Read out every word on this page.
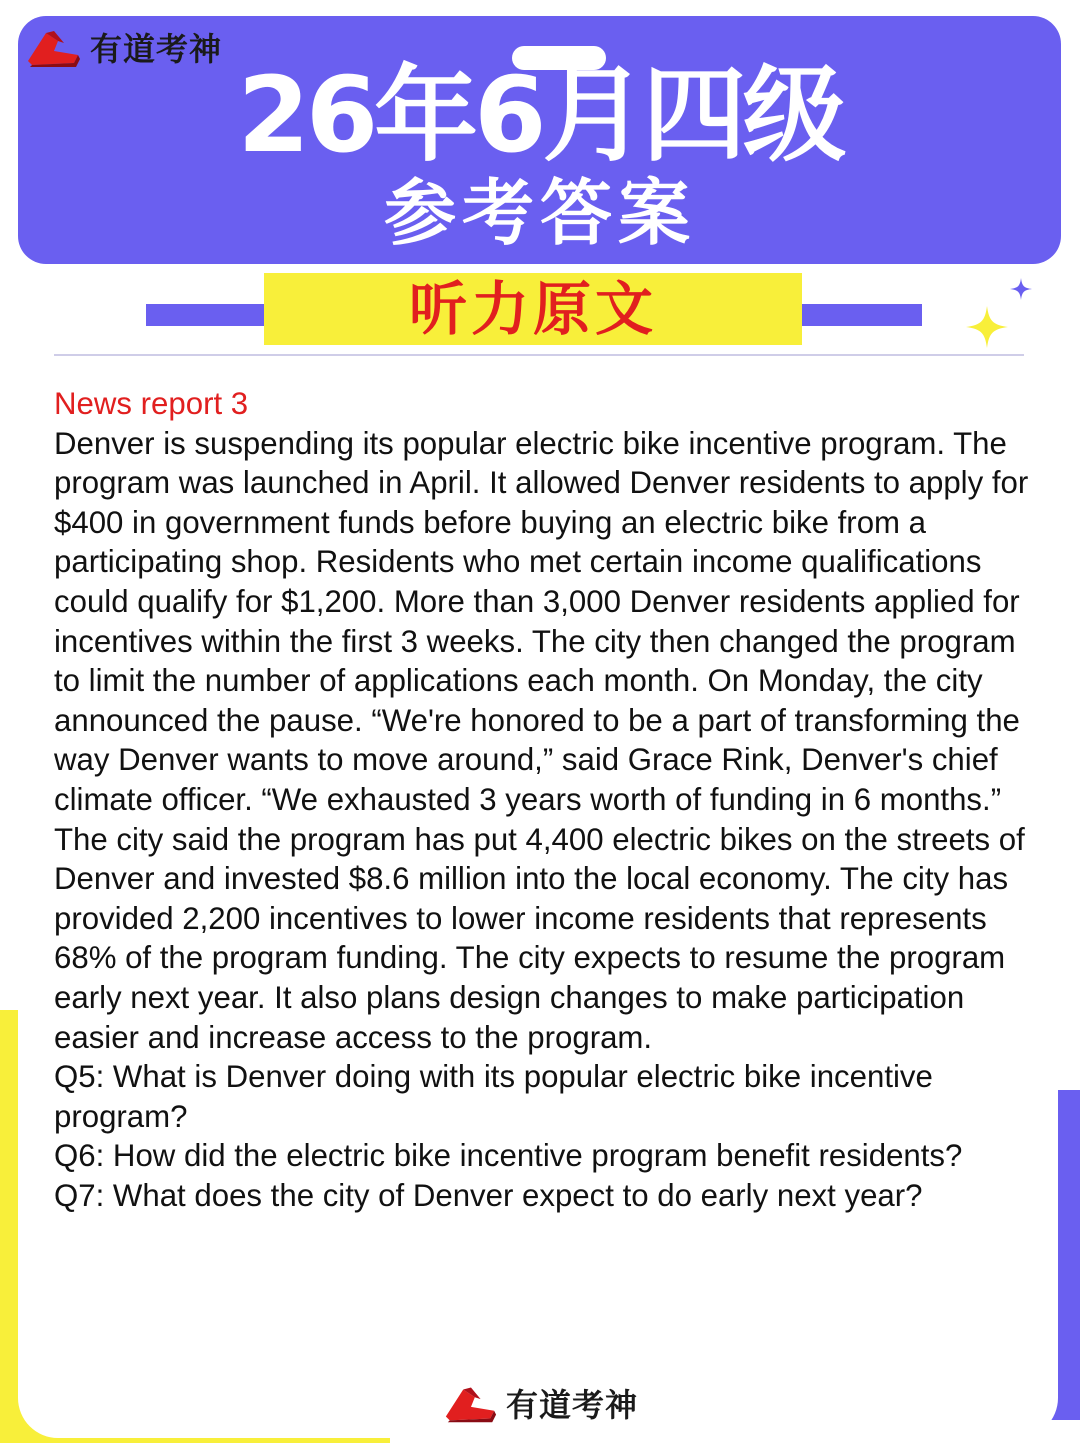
有道考神
26年6月四级
参考答案
听力原文

News report 3

Denver is suspending its popular electric bike incentive program. The program was launched in April. It allowed Denver residents to apply for $400 in government funds before buying an electric bike from a participating shop. Residents who met certain income qualifications could qualify for $1,200. More than 3,000 Denver residents applied for incentives within the first 3 weeks. The city then changed the program to limit the number of applications each month. On Monday, the city announced the pause. “We're honored to be a part of transforming the way Denver wants to move around,” said Grace Rink, Denver's chief climate officer. “We exhausted 3 years worth of funding in 6 months.” The city said the program has put 4,400 electric bikes on the streets of Denver and invested $8.6 million into the local economy. The city has provided 2,200 incentives to lower income residents that represents 68% of the program funding. The city expects to resume the program early next year. It also plans design changes to make participation easier and increase access to the program.

Q5: What is Denver doing with its popular electric bike incentive program?

Q6: How did the electric bike incentive program benefit residents?

Q7: What does the city of Denver expect to do early next year?

有道考神
